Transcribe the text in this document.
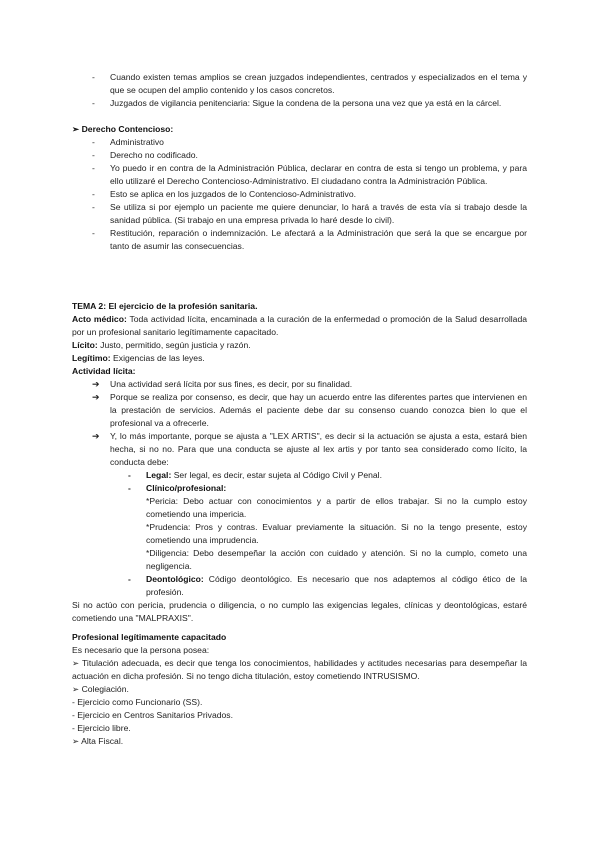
- Cuando existen temas amplios se crean juzgados independientes, centrados y especializados en el tema y que se ocupen del amplio contenido y los casos concretos.

- Juzgados de vigilancia penitenciaria: Sigue la condena de la persona una vez que ya está en la cárcel.

➢ Derecho Contencioso:

- Administrativo

- Derecho no codificado.

- Yo puedo ir en contra de la Administración Pública, declarar en contra de esta si tengo un problema, y para ello utilizaré el Derecho Contencioso-Administrativo. El ciudadano contra la Administración Pública.

- Esto se aplica en los juzgados de lo Contencioso-Administrativo.

- Se utiliza si por ejemplo un paciente me quiere denunciar, lo hará a través de esta vía si trabajo desde la sanidad pública. (Si trabajo en una empresa privada lo haré desde lo civil).

- Restitución, reparación o indemnización. Le afectará a la Administración que será la que se encargue por tanto de asumir las consecuencias.

TEMA 2: El ejercicio de la profesión sanitaria.

Acto médico: Toda actividad lícita, encaminada a la curación de la enfermedad o promoción de la Salud desarrollada por un profesional sanitario legítimamente capacitado.

Lícito: Justo, permitido, según justicia y razón.

Legítimo: Exigencias de las leyes.

Actividad lícita:

➔ Una actividad será lícita por sus fines, es decir, por su finalidad.

➔ Porque se realiza por consenso, es decir, que hay un acuerdo entre las diferentes partes que intervienen en la prestación de servicios. Además el paciente debe dar su consenso cuando conozca bien lo que el profesional va a ofrecerle.

➔ Y, lo más importante, porque se ajusta a "LEX ARTIS", es decir si la actuación se ajusta a esta, estará bien hecha, si no no. Para que una conducta se ajuste al lex artis y por tanto sea considerado como lícito, la conducta debe:

- Legal: Ser legal, es decir, estar sujeta al Código Civil y Penal.

- Clínico/profesional:

*Pericia: Debo actuar con conocimientos y a partir de ellos trabajar. Si no la cumplo estoy cometiendo una impericia.

*Prudencia: Pros y contras. Evaluar previamente la situación. Si no la tengo presente, estoy cometiendo una imprudencia.

*Diligencia: Debo desempeñar la acción con cuidado y atención. Si no la cumplo, cometo una negligencia.

- Deontológico: Código deontológico. Es necesario que nos adaptemos al código ético de la profesión.

Si no actúo con pericia, prudencia o diligencia, o no cumplo las exigencias legales, clínicas y deontológicas, estaré cometiendo una "MALPRAXIS".

Profesional legítimamente capacitado

Es necesario que la persona posea:

➢ Titulación adecuada, es decir que tenga los conocimientos, habilidades y actitudes necesarias para desempeñar la actuación en dicha profesión. Si no tengo dicha titulación, estoy cometiendo INTRUSISMO.

➢ Colegiación.

- Ejercicio como Funcionario (SS).

- Ejercicio en Centros Sanitarios Privados.

- Ejercicio libre.

➢ Alta Fiscal.
